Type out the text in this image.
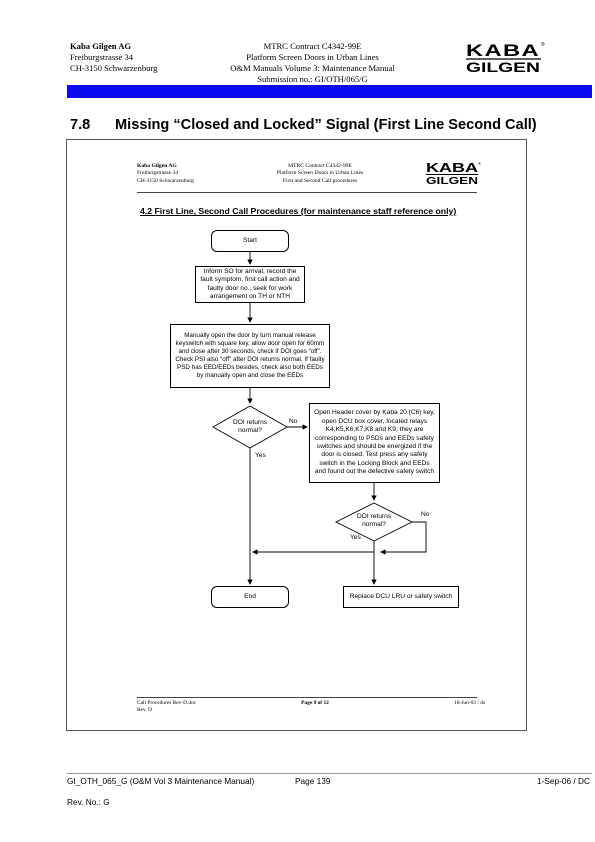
Kaba Gilgen AG
Freiburgstrasse 34
CH-3150 Schwarzenburg
MTRC Contract C4342-99E
Platform Screen Doors in Urban Lines
O&M Manuals Volume 3: Maintenance Manual
Submission no.: GI/OTH/065/G
KABA ®
GILGEN
7.8 Missing “Closed and Locked” Signal (First Line Second Call)
Kaba Gilgen AG
Freiburgstrasse 34
CH-3150 Schwarzenburg
MTRC Contract C4342-99E
Platform Screen Doors in Urban Lines
First and Second Call procedures
KABA ®
GILGEN
4.2 First Line, Second Call Procedures (for maintenance staff reference only)
Start
Inform SO for arrival, record the fault symptom, first call action and faulty door no., seek for work arrangement on TH or NTH
Manually open the door by turn manual release keyswitch with square key, allow door open for 60mm and close after 30 seconds, check if DOI goes “off”. Check PSI also “off” after DOI returns normal. If faulty PSD has EED/EEDs besides, check also both EEDs by manually open and close the EEDs
DOI returns normal?
No
Yes
Open Header cover by Kaba 20 (C6) key, open DCU box cover, located relays K4,K5,K6,K7,K8 and K9, they are corresponding to PSDs and EEDs safety switches and should be energized if the door is closed. Test press any safety switch in the Locking Block and EEDs and found out the defective safety switch
DOI returns normal?
No
Yes
End	Replace DCU LRU or safety switch
Call Procedures Rev-D.doc
Rev. D
Page 9 of 12	18-Jun-03 / ds
GI_OTH_065_G (O&M Vol 3 Maintenance Manual)	Page 139	1-Sep-06 / DC
Rev. No.: G
